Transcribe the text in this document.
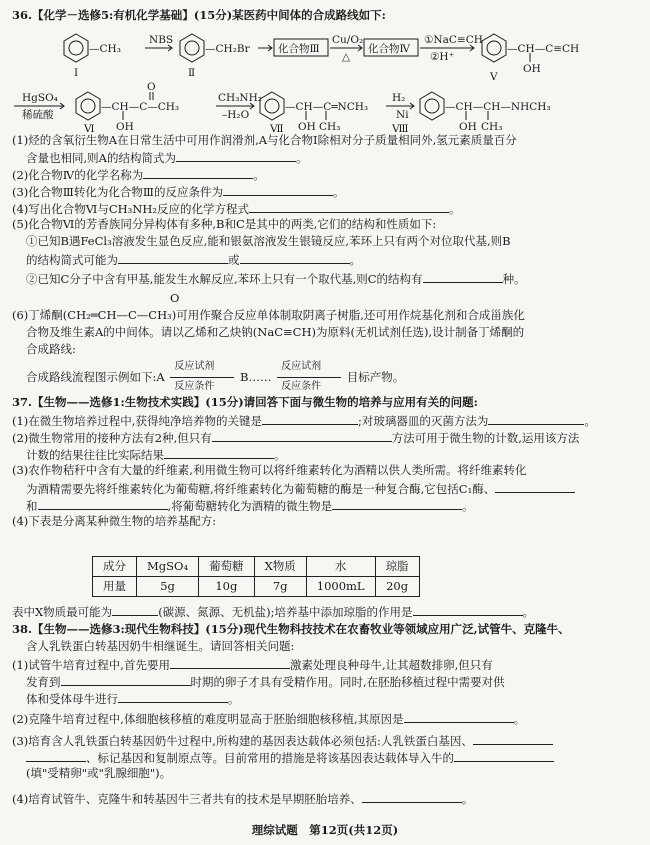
36.【化学－选修5:有机化学基础】(15分)某医药中间体的合成路线如下:
—CH₃
Ⅰ
NBS
—CH₂Br
Ⅱ
化合物Ⅲ
Cu/O₂
△
化合物Ⅳ
①NaC≡CH
②H⁺
—CH—C≡CH
OH
Ⅴ
HgSO₄
稀硫酸
—CH—C—CH₃
O
OH
Ⅵ
CH₃NH₂
–H₂O
—CH—C═NCH₃
OH CH₃
Ⅶ
H₂
Ni
—CH—CH—NHCH₃
OH CH₃
Ⅷ
(1)烃的含氧衍生物A在日常生活中可用作润滑剂,A与化合物Ⅰ除相对分子质量相同外,氢元素质量百分
含量也相同,则A的结构简式为	。
(2)化合物Ⅳ的化学名称为	。
(3)化合物Ⅲ转化为化合物Ⅲ的反应条件为	。
(4)写出化合物Ⅵ与CH₃NH₂反应的化学方程式	。
(5)化合物Ⅵ的芳香族同分异构体有多种,B和C是其中的两类,它们的结构和性质如下:
①已知B遇FeCl₃溶液发生显色反应,能和银氨溶液发生银镜反应,苯环上只有两个对位取代基,则B
的结构简式可能为	或	。
②已知C分子中含有甲基,能发生水解反应,苯环上只有一个取代基,则C的结构有	种。
O
(6)丁烯酮(CH₂═CH—C—CH₃)可用作聚合反应单体制取阴离子树脂,还可用作烷基化剂和合成甾族化
合物及维生素A的中间体。请以乙烯和乙炔钠(NaC≡CH)为原料(无机试剂任选),设计制备丁烯酮的
合成路线:
合成路线流程图示例如下:A
反应试剂
反应条件
B……
反应试剂
反应条件
目标产物。
37.【生物——选修1:生物技术实践】(15分)请回答下面与微生物的培养与应用有关的问题:
(1)在微生物培养过程中,获得纯净培养物的关键是	;对玻璃器皿的灭菌方法为	。
(2)微生物常用的接种方法有2种,但只有	方法可用于微生物的计数,运用该方法
计数的结果往往比实际结果	。
(3)农作物秸秆中含有大量的纤维素,利用微生物可以将纤维素转化为酒精以供人类所需。将纤维素转化
为酒精需要先将纤维素转化为葡萄糖,将纤维素转化为葡萄糖的酶是一种复合酶,它包括C₁酶、
和	,将葡萄糖转化为酒精的微生物是	。
(4)下表是分离某种微生物的培养基配方:
成分	MgSO₄	葡萄糖	X物质	水	琼脂
用量	5g	10g	7g	1000mL	20g
表中X物质最可能为	(碳源、氮源、无机盐);培养基中添加琼脂的作用是	。
38.【生物——选修3:现代生物科技】(15分)现代生物科技技术在农畜牧业等领域应用广泛,试管牛、克隆牛、
含人乳铁蛋白转基因奶牛相继诞生。请回答相关问题:
(1)试管牛培育过程中,首先要用	激素处理良种母牛,让其超数排卵,但只有
发育到	时期的卵子才具有受精作用。同时,在胚胎移植过程中需要对供
体和受体母牛进行	。
(2)克隆牛培育过程中,体细胞核移植的难度明显高于胚胎细胞核移植,其原因是	。
(3)培育含人乳铁蛋白转基因奶牛过程中,所构建的基因表达载体必须包括:人乳铁蛋白基因、
、标记基因和复制原点等。目前常用的措施是将该基因表达载体导入牛的
(填"受精卵"或"乳腺细胞")。
(4)培育试管牛、克隆牛和转基因牛三者共有的技术是早期胚胎培养、	。
理综试题　第12页(共12页)
